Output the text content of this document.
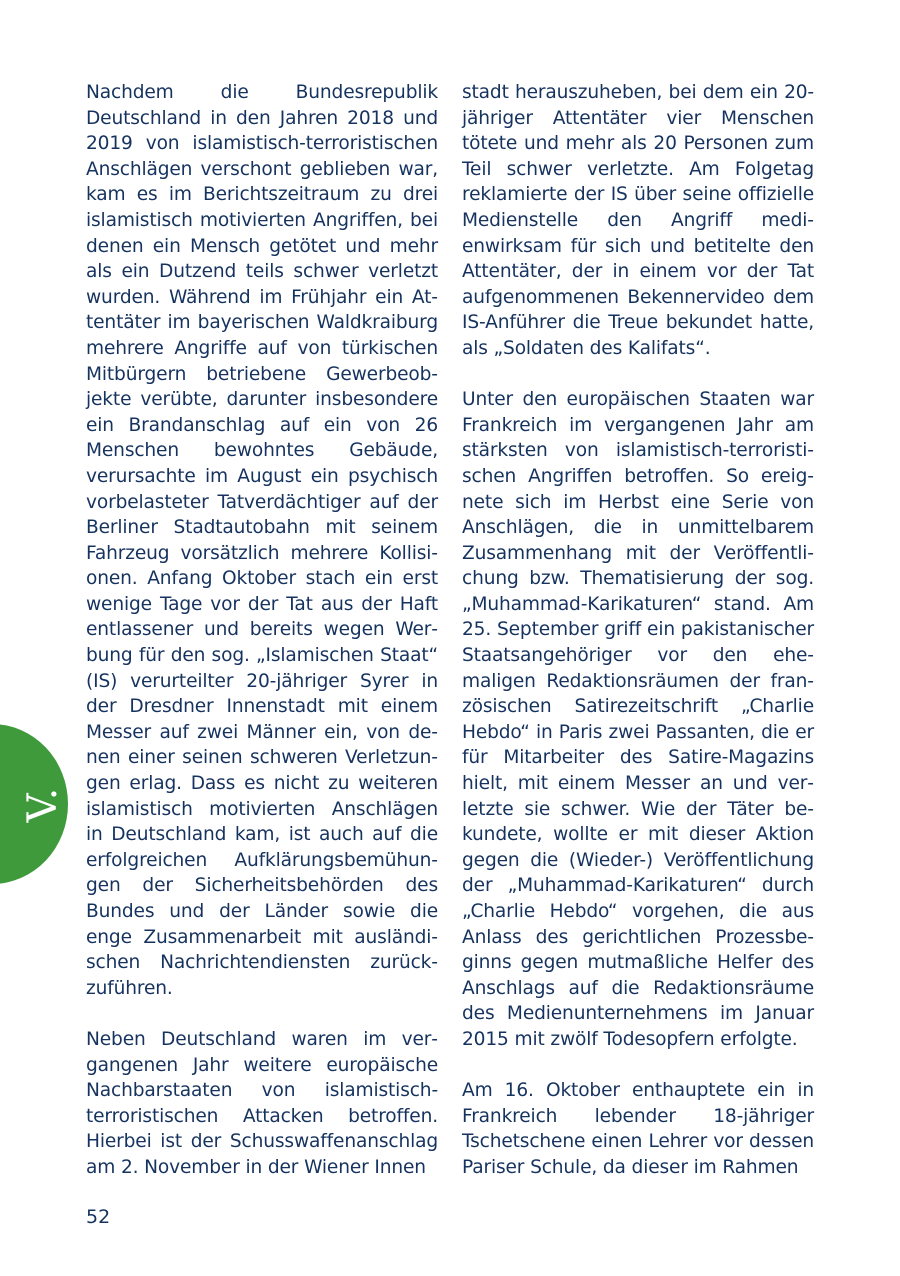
V.

Nachdem die Bundesrepublik Deutschland in den Jahren 2018 und 2019 von islamistisch-terroristischen Anschlägen verschont geblieben war, kam es im Berichtszeitraum zu drei islamistisch motivierten Angriffen, bei denen ein Mensch getötet und mehr als ein Dutzend teils schwer verletzt wurden. Während im Frühjahr ein Attentäter im bayerischen Waldkraiburg mehrere Angriffe auf von türkischen Mitbürgern betriebene Gewerbeobjekte verübte, darunter insbesondere ein Brandanschlag auf ein von 26 Menschen bewohntes Gebäude, verursachte im August ein psychisch vorbelasteter Tatverdächtiger auf der Berliner Stadtautobahn mit seinem Fahrzeug vorsätzlich mehrere Kollisionen. Anfang Oktober stach ein erst wenige Tage vor der Tat aus der Haft entlassener und bereits wegen Werbung für den sog. „Islamischen Staat“ (IS) verurteilter 20-jähriger Syrer in der Dresdner Innenstadt mit einem Messer auf zwei Männer ein, von denen einer seinen schweren Verletzungen erlag. Dass es nicht zu weiteren islamistisch motivierten Anschlägen in Deutschland kam, ist auch auf die erfolgreichen Aufklärungsbemühungen der Sicherheitsbehörden des Bundes und der Länder sowie die enge Zusammenarbeit mit ausländischen Nachrichtendiensten zurückzuführen.

Neben Deutschland waren im vergangenen Jahr weitere europäische Nachbarstaaten von islamistisch-terroristischen Attacken betroffen. Hierbei ist der Schusswaffenanschlag am 2. November in der Wiener Innen

stadt herauszuheben, bei dem ein 20-jähriger Attentäter vier Menschen tötete und mehr als 20 Personen zum Teil schwer verletzte. Am Folgetag reklamierte der IS über seine offizielle Medienstelle den Angriff medienwirksam für sich und betitelte den Attentäter, der in einem vor der Tat aufgenommenen Bekennervideo dem IS-Anführer die Treue bekundet hatte, als „Soldaten des Kalifats“.

Unter den europäischen Staaten war Frankreich im vergangenen Jahr am stärksten von islamistisch-terroristischen Angriffen betroffen. So ereignete sich im Herbst eine Serie von Anschlägen, die in unmittelbarem Zusammenhang mit der Veröffentlichung bzw. Thematisierung der sog. „Muhammad-Karikaturen“ stand. Am 25. September griff ein pakistanischer Staatsangehöriger vor den ehemaligen Redaktionsräumen der französischen Satirezeitschrift „Charlie Hebdo“ in Paris zwei Passanten, die er für Mitarbeiter des Satire-Magazins hielt, mit einem Messer an und verletzte sie schwer. Wie der Täter bekundete, wollte er mit dieser Aktion gegen die (Wieder-) Veröffentlichung der „Muhammad-Karikaturen“ durch „Charlie Hebdo“ vorgehen, die aus Anlass des gerichtlichen Prozessbeginns gegen mutmaßliche Helfer des Anschlags auf die Redaktionsräume des Medienunternehmens im Januar 2015 mit zwölf Todesopfern erfolgte.

Am 16. Oktober enthauptete ein in Frankreich lebender 18-jähriger Tschetschene einen Lehrer vor dessen Pariser Schule, da dieser im Rahmen

52
